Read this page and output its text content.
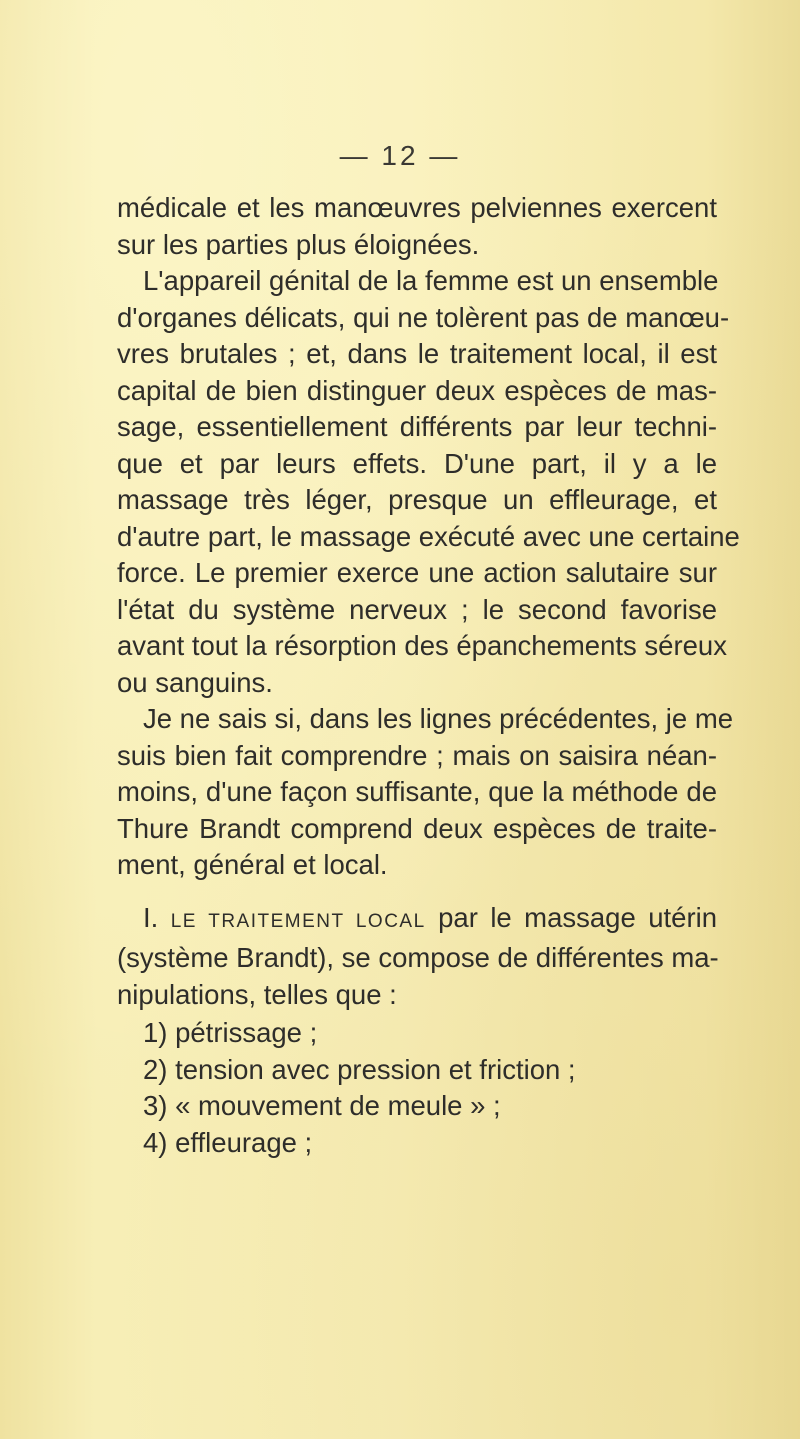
— 12 —
médicale et les manœuvres pelviennes exercent
sur les parties plus éloignées.
L'appareil génital de la femme est un ensemble
d'organes délicats, qui ne tolèrent pas de manœu-
vres brutales ; et, dans le traitement local, il est
capital de bien distinguer deux espèces de mas-
sage, essentiellement différents par leur techni-
que et par leurs effets. D'une part, il y a le
massage très léger, presque un effleurage, et
d'autre part, le massage exécuté avec une certaine
force. Le premier exerce une action salutaire sur
l'état du système nerveux ; le second favorise
avant tout la résorption des épanchements séreux
ou sanguins.
Je ne sais si, dans les lignes précédentes, je me
suis bien fait comprendre ; mais on saisira néan-
moins, d'une façon suffisante, que la méthode de
Thure Brandt comprend deux espèces de traite-
ment, général et local.
I. LE TRAITEMENT LOCAL par le massage utérin
(système Brandt), se compose de différentes ma-
nipulations, telles que :
1) pétrissage ;
2) tension avec pression et friction ;
3) « mouvement de meule » ;
4) effleurage ;
